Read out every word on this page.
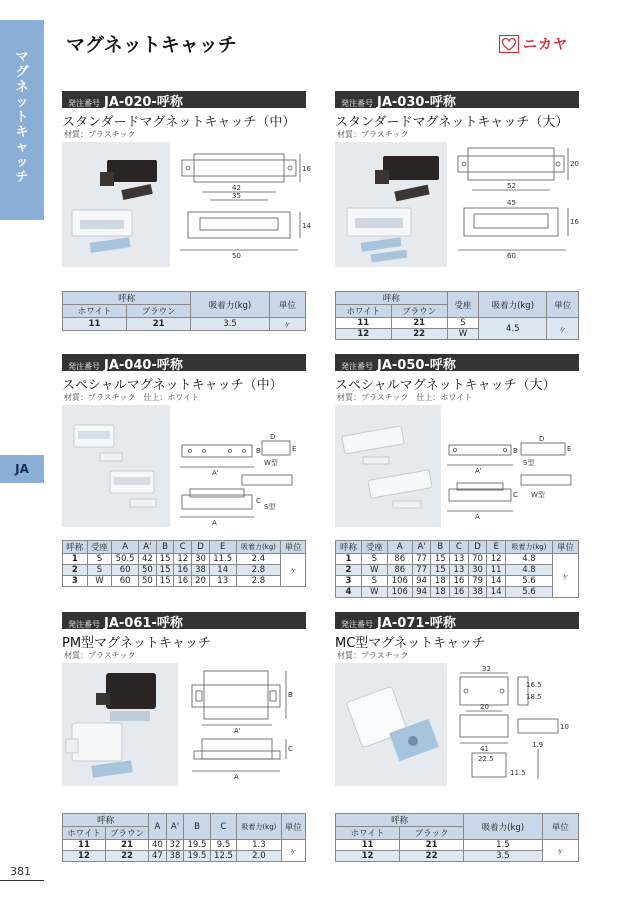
マグネットキャッチ
JA
マグネットキャッチ	ニカヤ
381
発注番号 JA-020-呼称
スタンダードマグネットキャッチ（中）
材質：プラスチック
16
42
35
14
50
呼称		吸着力(kg)	単位
ホワイト	ブラウン		
11	21	3.5	ヶ
発注番号 JA-030-呼称
スタンダードマグネットキャッチ（大）
材質：プラスチック
20
52
45
16
60
呼称		受座	吸着力(kg)	単位
ホワイト	ブラウン			
11	21	S	4.5	ヶ
12	22	W		
発注番号 JA-040-呼称
スペシャルマグネットキャッチ（中）
材質：プラスチック　仕上：ホワイト
D
E
A'
B
A
C
W型
S型
呼称	受座	A	A'	B	C	D	E	吸着力(kg)	単位
1	S	50.5	42	15	12	30	11.5	2.4	ヶ
2	S	60	50	15	16	38	14	2.8	
3	W	60	50	15	16	20	13	2.8	
発注番号 JA-050-呼称
スペシャルマグネットキャッチ（大）
材質：プラスチック　仕上：ホワイト
D
E
A'
B
A
C
S型
W型
呼称	受座	A	A'	B	C	D	E	吸着力(kg)	単位
1	S	86	77	15	13	70	12	4.8	ヶ
2	W	86	77	15	13	30	11	4.8	
3	S	106	94	18	16	79	14	5.6	
4	W	106	94	18	16	38	14	5.6	
発注番号 JA-061-呼称
PM型マグネットキャッチ
材質：プラスチック
B
A'
C
A
呼称		A	A'	B	C	吸着力(kg)	単位
ホワイト	ブラウン						
11	21	40	32	19.5	9.5	1.3	ヶ
12	22	47	38	19.5	12.5	2.0	
発注番号 JA-071-呼称
MC型マグネットキャッチ
材質：プラスチック
32
16.5
18.5
20
10
41	1.9
22.5
11.5
呼称		吸着力(kg)	単位
ホワイト	ブラック		
11	21	1.5	ヶ
12	22	3.5	
